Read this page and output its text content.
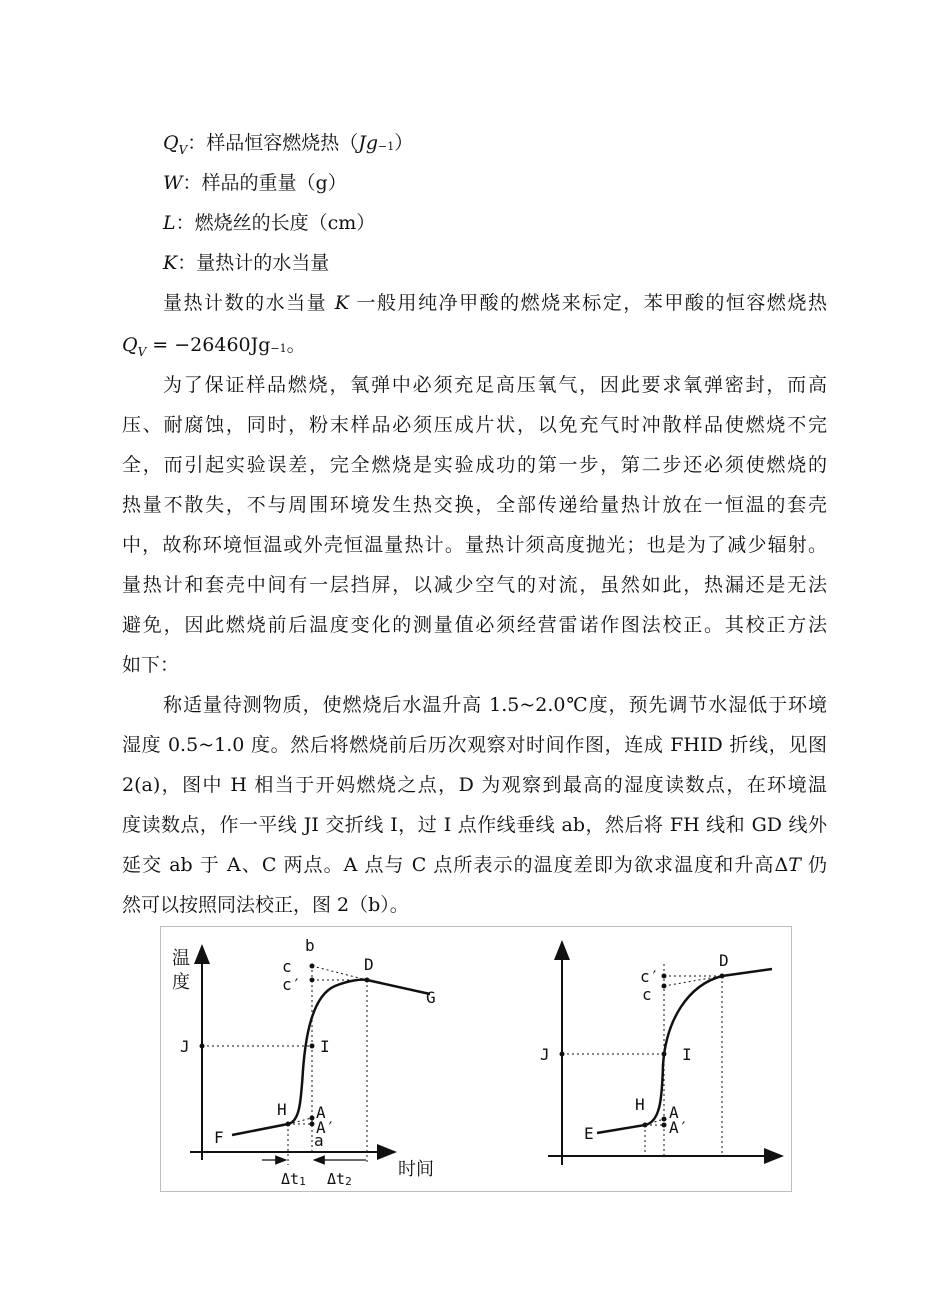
$Q_V$：样品恒容燃烧热（Jg−1）
W：样品的重量（g）
L：燃烧丝的长度（cm）
K：量热计的水当量
量热计数的水当量 K 一般用纯净甲酸的燃烧来标定，苯甲酸的恒容燃烧热
$Q_V = -26460Jg-1$。
为了保证样品燃烧，氧弹中必须充足高压氧气，因此要求氧弹密封，而高
压、耐腐蚀，同时，粉末样品必须压成片状，以免充气时冲散样品使燃烧不完
全，而引起实验误差，完全燃烧是实验成功的第一步，第二步还必须使燃烧的
热量不散失，不与周围环境发生热交换，全部传递给量热计放在一恒温的套壳
中，故称环境恒温或外壳恒温量热计。量热计须高度抛光；也是为了减少辐射。
量热计和套壳中间有一层挡屏，以减少空气的对流，虽然如此，热漏还是无法
避免，因此燃烧前后温度变化的测量值必须经营雷诺作图法校正。其校正方法
如下：
称适量待测物质，使燃烧后水温升高 1.5~2.0℃度，预先调节水湿低于环境
湿度 0.5~1.0 度。然后将燃烧前后历次观察对时间作图，连成 FHID 折线，见图
2(a)，图中 H 相当于开妈燃烧之点，D 为观察到最高的湿度读数点，在环境温
度读数点，作一平线 JI 交折线 I，过 I 点作线垂线 ab，然后将 FH 线和 GD 线外
延交 ab 于 A、C 两点。A 点与 C 点所表示的温度差即为欲求温度和升高ΔT 仍
然可以按照同法校正，图 2（b）。
温
度
时间
b
c
c′
D
G
J	I
H A
A′
a
F
Δt1 Δt2
c′
c
D
J	I
H A
A′
E
